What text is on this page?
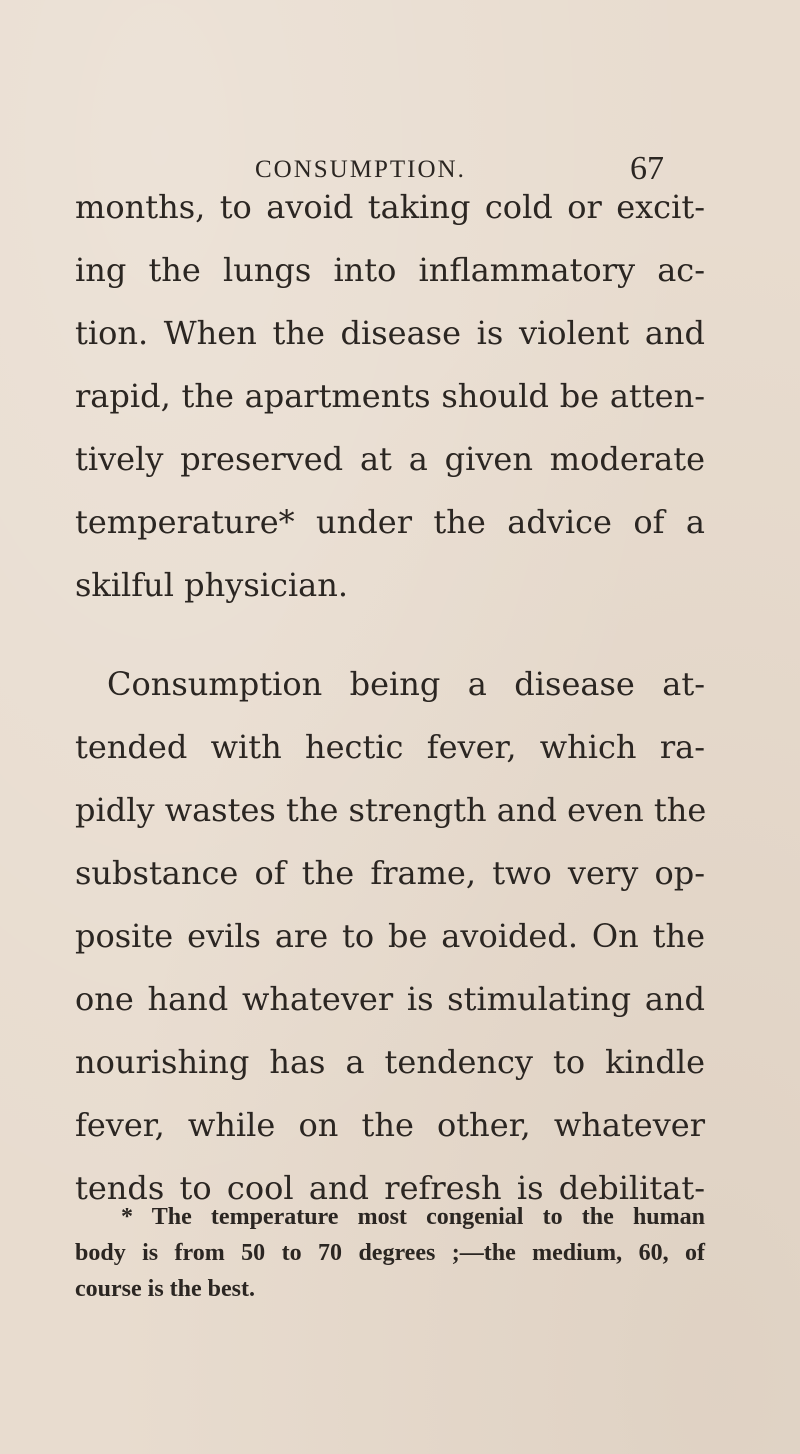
CONSUMPTION.	67
months, to avoid taking cold or excit-
ing the lungs into inflammatory ac-
tion. When the disease is violent and
rapid, the apartments should be atten-
tively preserved at a given moderate
temperature* under the advice of a
skilful physician.
Consumption being a disease at-
tended with hectic fever, which ra-
pidly wastes the strength and even the
substance of the frame, two very op-
posite evils are to be avoided. On the
one hand whatever is stimulating and
nourishing has a tendency to kindle
fever, while on the other, whatever
tends to cool and refresh is debilitat-
* The temperature most congenial to the human
body is from 50 to 70 degrees ;—the medium, 60, of
course is the best.
